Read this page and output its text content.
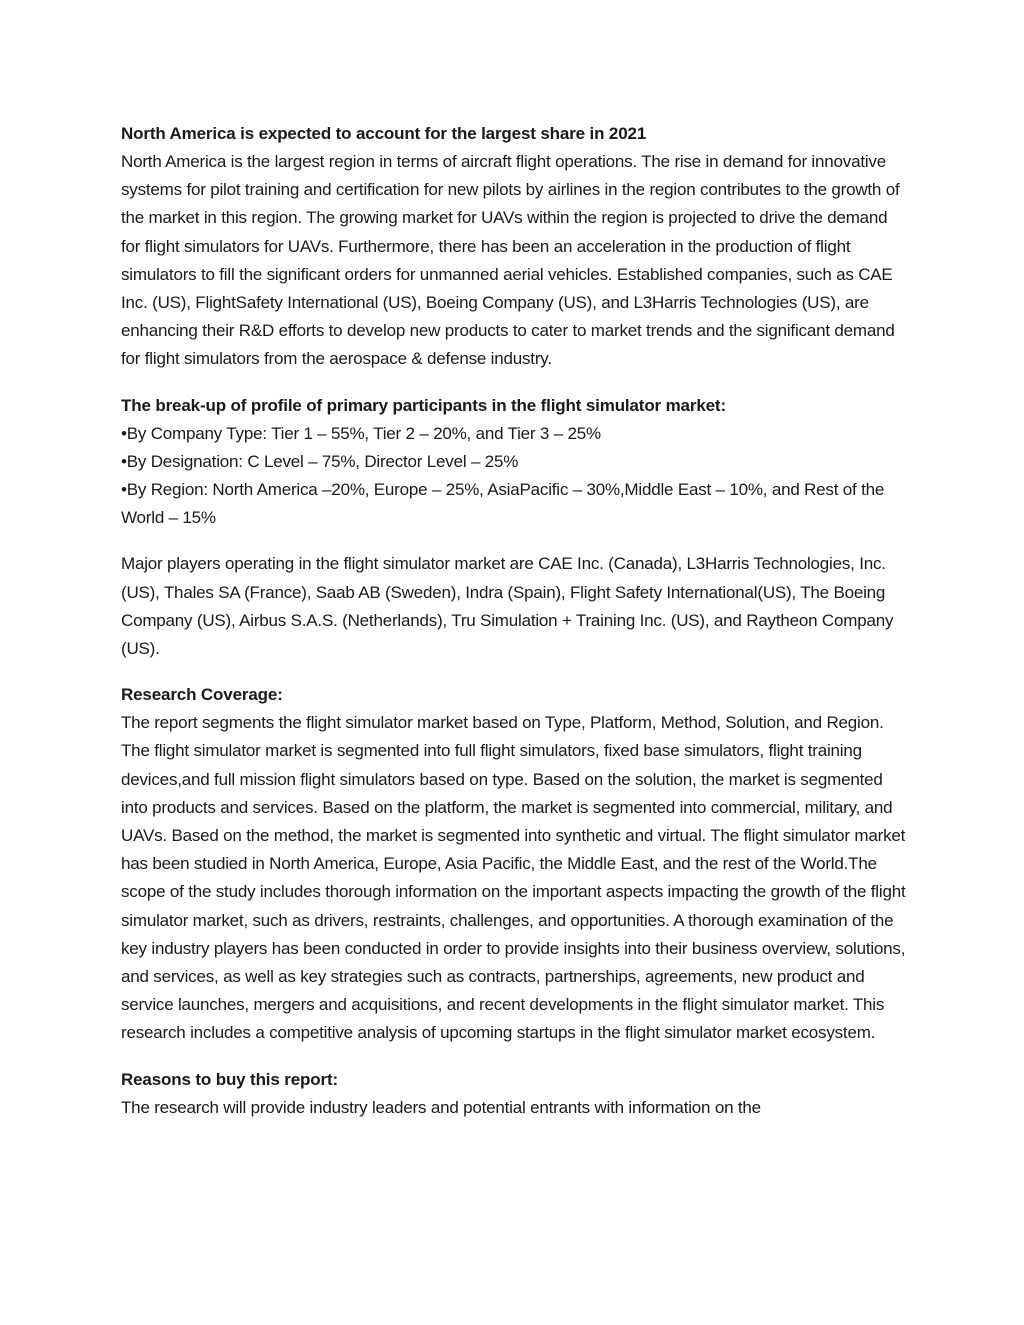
North America is expected to account for the largest share in 2021

North America is the largest region in terms of aircraft flight operations. The rise in demand for innovative systems for pilot training and certification for new pilots by airlines in the region contributes to the growth of the market in this region. The growing market for UAVs within the region is projected to drive the demand for flight simulators for UAVs. Furthermore, there has been an acceleration in the production of flight simulators to fill the significant orders for unmanned aerial vehicles. Established companies, such as CAE Inc. (US), FlightSafety International (US), Boeing Company (US), and L3Harris Technologies (US), are enhancing their R&D efforts to develop new products to cater to market trends and the significant demand for flight simulators from the aerospace & defense industry.

The break-up of profile of primary participants in the flight simulator market:
•By Company Type: Tier 1 – 55%, Tier 2 – 20%, and Tier 3 – 25%
•By Designation: C Level – 75%, Director Level – 25%
•By Region: North America –20%, Europe – 25%, AsiaPacific – 30%,Middle East – 10%, and Rest of the World – 15%

Major players operating in the flight simulator market are CAE Inc. (Canada), L3Harris Technologies, Inc. (US), Thales SA (France), Saab AB (Sweden), Indra (Spain), Flight Safety International(US), The Boeing Company (US), Airbus S.A.S. (Netherlands), Tru Simulation + Training Inc. (US), and Raytheon Company (US).

Research Coverage:

The report segments the flight simulator market based on Type, Platform, Method, Solution, and Region. The flight simulator market is segmented into full flight simulators, fixed base simulators, flight training devices,and full mission flight simulators based on type. Based on the solution, the market is segmented into products and services. Based on the platform, the market is segmented into commercial, military, and UAVs. Based on the method, the market is segmented into synthetic and virtual. The flight simulator market has been studied in North America, Europe, Asia Pacific, the Middle East, and the rest of the World.The scope of the study includes thorough information on the important aspects impacting the growth of the flight simulator market, such as drivers, restraints, challenges, and opportunities. A thorough examination of the key industry players has been conducted in order to provide insights into their business overview, solutions, and services, as well as key strategies such as contracts, partnerships, agreements, new product and service launches, mergers and acquisitions, and recent developments in the flight simulator market. This research includes a competitive analysis of upcoming startups in the flight simulator market ecosystem.

Reasons to buy this report:

The research will provide industry leaders and potential entrants with information on the
